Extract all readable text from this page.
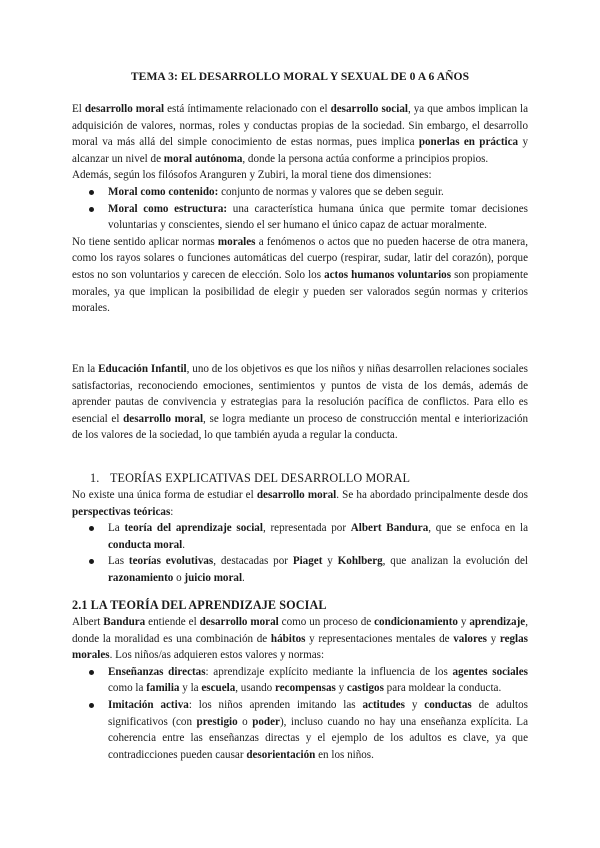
TEMA 3: EL DESARROLLO MORAL Y SEXUAL DE 0 A 6 AÑOS

El desarrollo moral está íntimamente relacionado con el desarrollo social, ya que ambos implican la adquisición de valores, normas, roles y conductas propias de la sociedad. Sin embargo, el desarrollo moral va más allá del simple conocimiento de estas normas, pues implica ponerlas en práctica y alcanzar un nivel de moral autónoma, donde la persona actúa conforme a principios propios.

Además, según los filósofos Aranguren y Zubiri, la moral tiene dos dimensiones:

Moral como contenido: conjunto de normas y valores que se deben seguir.
Moral como estructura: una característica humana única que permite tomar decisiones voluntarias y conscientes, siendo el ser humano el único capaz de actuar moralmente.

No tiene sentido aplicar normas morales a fenómenos o actos que no pueden hacerse de otra manera, como los rayos solares o funciones automáticas del cuerpo (respirar, sudar, latir del corazón), porque estos no son voluntarios y carecen de elección. Solo los actos humanos voluntarios son propiamente morales, ya que implican la posibilidad de elegir y pueden ser valorados según normas y criterios morales.

En la Educación Infantil, uno de los objetivos es que los niños y niñas desarrollen relaciones sociales satisfactorias, reconociendo emociones, sentimientos y puntos de vista de los demás, además de aprender pautas de convivencia y estrategias para la resolución pacífica de conflictos. Para ello es esencial el desarrollo moral, se logra mediante un proceso de construcción mental e interiorización de los valores de la sociedad, lo que también ayuda a regular la conducta.

1. TEORÍAS EXPLICATIVAS DEL DESARROLLO MORAL

No existe una única forma de estudiar el desarrollo moral. Se ha abordado principalmente desde dos perspectivas teóricas:

La teoría del aprendizaje social, representada por Albert Bandura, que se enfoca en la conducta moral.
Las teorías evolutivas, destacadas por Piaget y Kohlberg, que analizan la evolución del razonamiento o juicio moral.
2.1 LA TEORÍA DEL APRENDIZAJE SOCIAL

Albert Bandura entiende el desarrollo moral como un proceso de condicionamiento y aprendizaje, donde la moralidad es una combinación de hábitos y representaciones mentales de valores y reglas morales. Los niños/as adquieren estos valores y normas:

Enseñanzas directas: aprendizaje explícito mediante la influencia de los agentes sociales como la familia y la escuela, usando recompensas y castigos para moldear la conducta.
Imitación activa: los niños aprenden imitando las actitudes y conductas de adultos significativos (con prestigio o poder), incluso cuando no hay una enseñanza explícita. La coherencia entre las enseñanzas directas y el ejemplo de los adultos es clave, ya que contradicciones pueden causar desorientación en los niños.
